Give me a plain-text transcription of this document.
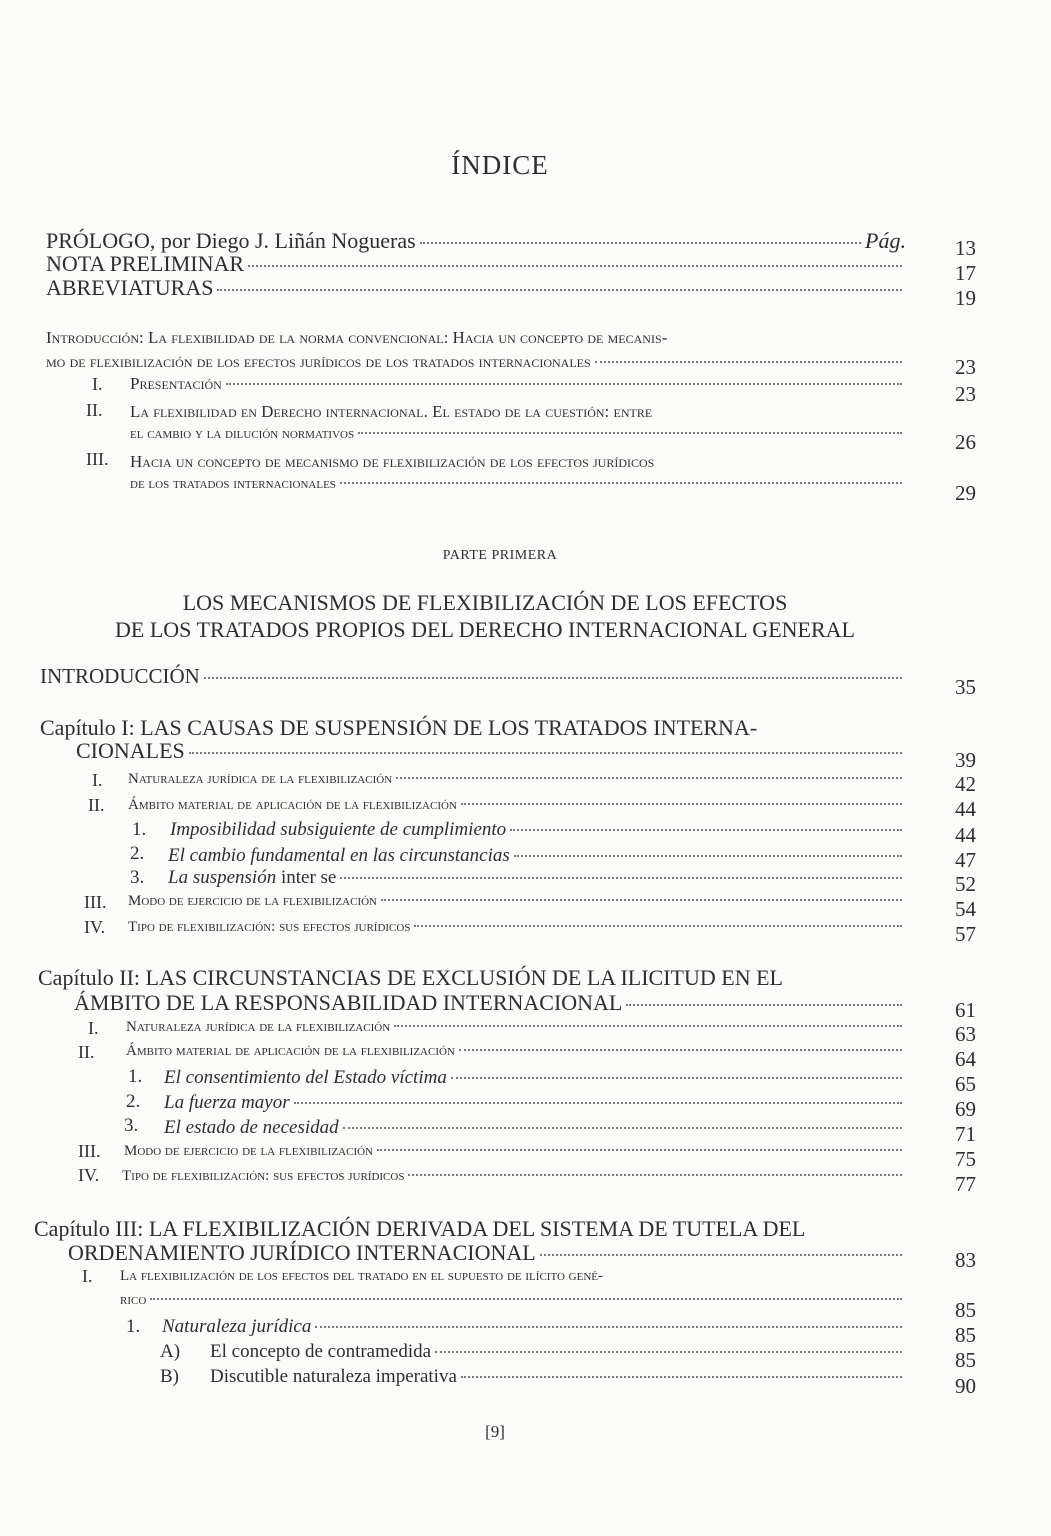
ÍNDICE
PRÓLOGO, por Diego J. Liñán Nogueras	Pág.	13
NOTA PRELIMINAR	17
ABREVIATURAS	19
Introducción: La flexibilidad de la norma convencional: Hacia un concepto de mecanis-
mo de flexibilización de los efectos jurídicos de los tratados internacionales	23
I. Presentación	23
II. La flexibilidad en Derecho internacional. El estado de la cuestión: entre
el cambio y la dilución normativos	26
III. Hacia un concepto de mecanismo de flexibilización de los efectos jurídicos
de los tratados internacionales	29
PARTE PRIMERA
LOS MECANISMOS DE FLEXIBILIZACIÓN DE LOS EFECTOS
DE LOS TRATADOS PROPIOS DEL DERECHO INTERNACIONAL GENERAL
INTRODUCCIÓN	35
Capítulo I: LAS CAUSAS DE SUSPENSIÓN DE LOS TRATADOS INTERNA-
CIONALES	39
I. Naturaleza jurídica de la flexibilización	42
II. Ámbito material de aplicación de la flexibilización	44
1. Imposibilidad subsiguiente de cumplimiento	44
2. El cambio fundamental en las circunstancias	47
3. La suspensión inter se	52
III. Modo de ejercicio de la flexibilización	54
IV. Tipo de flexibilización: sus efectos jurídicos	57
Capítulo II: LAS CIRCUNSTANCIAS DE EXCLUSIÓN DE LA ILICITUD EN EL
ÁMBITO DE LA RESPONSABILIDAD INTERNACIONAL	61
I. Naturaleza jurídica de la flexibilización	63
II. Ámbito material de aplicación de la flexibilización	64
1. El consentimiento del Estado víctima	65
2. La fuerza mayor	69
3. El estado de necesidad	71
III. Modo de ejercicio de la flexibilización	75
IV. Tipo de flexibilización: sus efectos jurídicos	77
Capítulo III: LA FLEXIBILIZACIÓN DERIVADA DEL SISTEMA DE TUTELA DEL
ORDENAMIENTO JURÍDICO INTERNACIONAL	83
I. La flexibilización de los efectos del tratado en el supuesto de ilícito gené-
rico	85
1. Naturaleza jurídica	85
A) El concepto de contramedida	85
B) Discutible naturaleza imperativa	90
[9]
